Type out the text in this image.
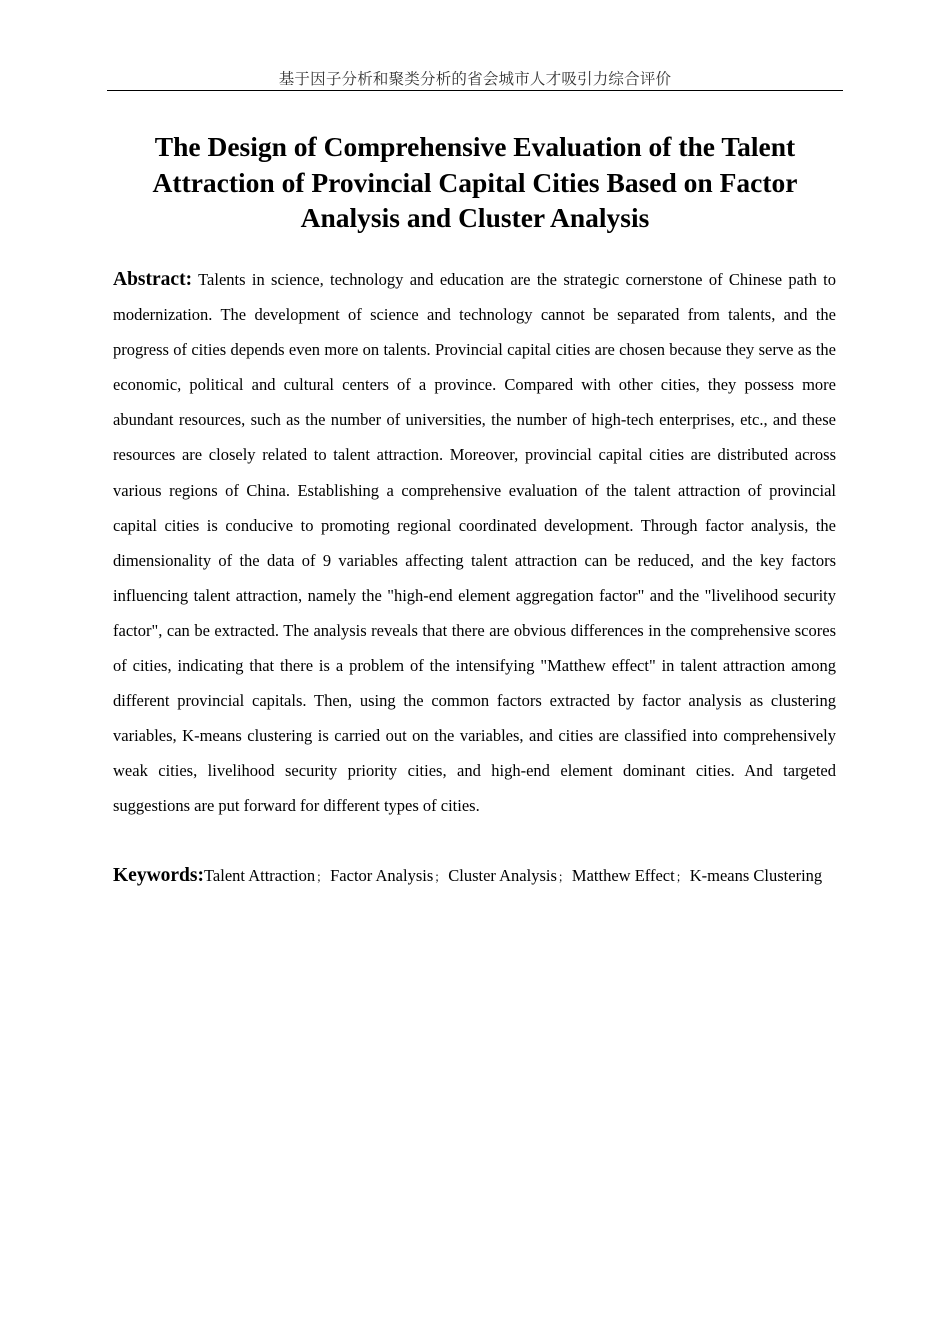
基于因子分析和聚类分析的省会城市人才吸引力综合评价
The Design of Comprehensive Evaluation of the Talent Attraction of Provincial Capital Cities Based on Factor Analysis and Cluster Analysis

Abstract: Talents in science, technology and education are the strategic cornerstone of Chinese path to modernization. The development of science and technology cannot be separated from talents, and the progress of cities depends even more on talents. Provincial capital cities are chosen because they serve as the economic, political and cultural centers of a province. Compared with other cities, they possess more abundant resources, such as the number of universities, the number of high-tech enterprises, etc., and these resources are closely related to talent attraction. Moreover, provincial capital cities are distributed across various regions of China. Establishing a comprehensive evaluation of the talent attraction of provincial capital cities is conducive to promoting regional coordinated development. Through factor analysis, the dimensionality of the data of 9 variables affecting talent attraction can be reduced, and the key factors influencing talent attraction, namely the "high-end element aggregation factor" and the "livelihood security factor", can be extracted. The analysis reveals that there are obvious differences in the comprehensive scores of cities, indicating that there is a problem of the intensifying "Matthew effect" in talent attraction among different provincial capitals. Then, using the common factors extracted by factor analysis as clustering variables, K-means clustering is carried out on the variables, and cities are classified into comprehensively weak cities, livelihood security priority cities, and high-end element dominant cities. And targeted suggestions are put forward for different types of cities.

Keywords:Talent Attraction； Factor Analysis； Cluster Analysis； Matthew Effect； K-means Clustering
